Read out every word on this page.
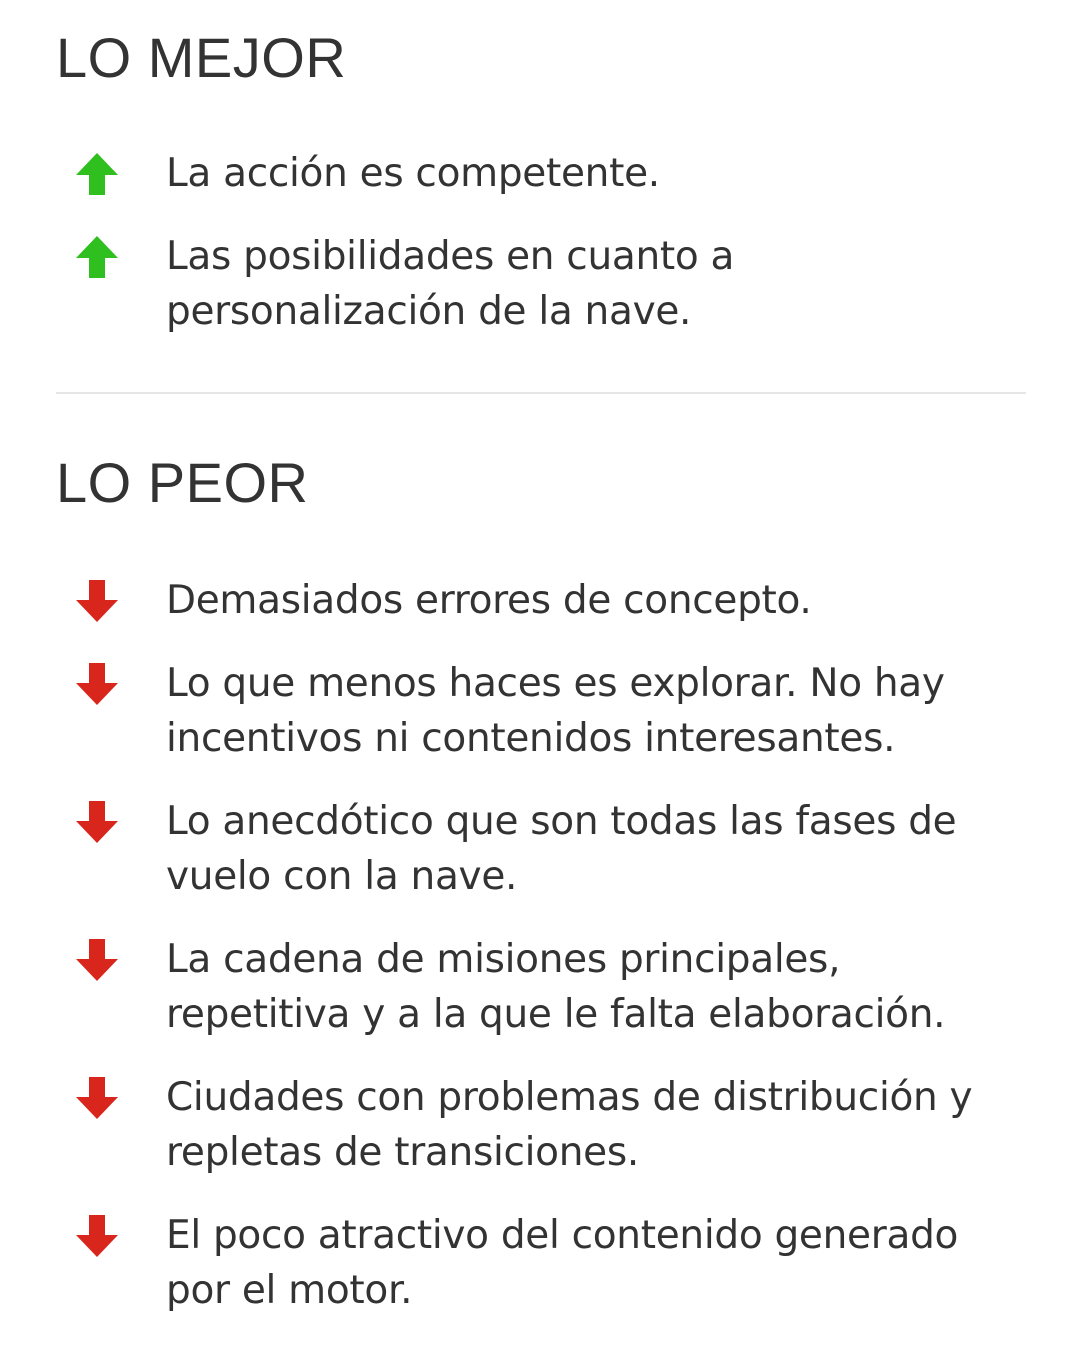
LO MEJOR
La acción es competente.
Las posibilidades en cuanto a personalización de la nave.
LO PEOR
Demasiados errores de concepto.
Lo que menos haces es explorar. No hay incentivos ni contenidos interesantes.
Lo anecdótico que son todas las fases de vuelo con la nave.
La cadena de misiones principales, repetitiva y a la que le falta elaboración.
Ciudades con problemas de distribución y repletas de transiciones.
El poco atractivo del contenido generado por el motor.
